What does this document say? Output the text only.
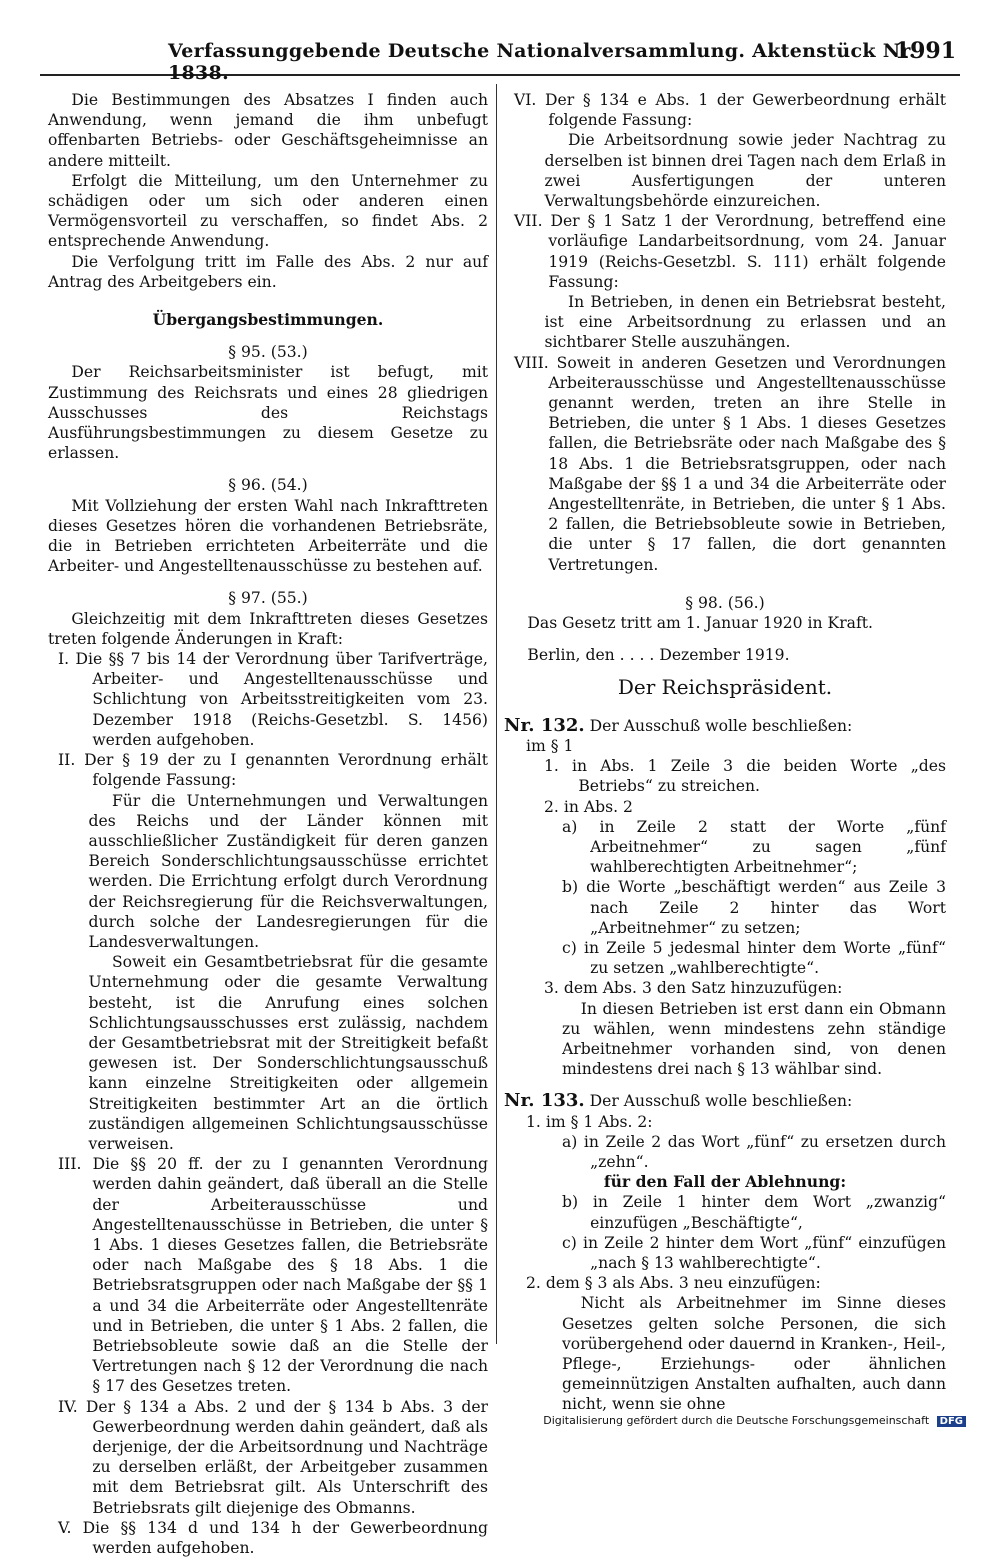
Verfassunggebende Deutsche Nationalversammlung. Aktenstück Nr. 1838.
1991

Die Bestimmungen des Absatzes I finden auch Anwendung, wenn jemand die ihm unbefugt offenbarten Betriebs- oder Geschäftsgeheimnisse an andere mitteilt.

Erfolgt die Mitteilung, um den Unternehmer zu schädigen oder um sich oder anderen einen Vermögensvorteil zu verschaffen, so findet Abs. 2 entsprechende Anwendung.

Die Verfolgung tritt im Falle des Abs. 2 nur auf Antrag des Arbeitgebers ein.

Übergangsbestimmungen.

§ 95. (53.)

Der Reichsarbeitsminister ist befugt, mit Zustimmung des Reichsrats und eines 28 gliedrigen Ausschusses des Reichstags Ausführungsbestimmungen zu diesem Gesetze zu erlassen.

§ 96. (54.)

Mit Vollziehung der ersten Wahl nach Inkrafttreten dieses Gesetzes hören die vorhandenen Betriebsräte, die in Betrieben errichteten Arbeiterräte und die Arbeiter- und Angestelltenausschüsse zu bestehen auf.

§ 97. (55.)

Gleichzeitig mit dem Inkrafttreten dieses Gesetzes treten folgende Änderungen in Kraft:

I. Die §§ 7 bis 14 der Verordnung über Tarifverträge, Arbeiter- und Angestelltenausschüsse und Schlichtung von Arbeitsstreitigkeiten vom 23. Dezember 1918 (Reichs-Gesetzbl. S. 1456) werden aufgehoben.

II. Der § 19 der zu I genannten Verordnung erhält folgende Fassung:

Für die Unternehmungen und Verwaltungen des Reichs und der Länder können mit ausschließlicher Zuständigkeit für deren ganzen Bereich Sonderschlichtungsausschüsse errichtet werden. Die Errichtung erfolgt durch Verordnung der Reichsregierung für die Reichsverwaltungen, durch solche der Landesregierungen für die Landesverwaltungen.

Soweit ein Gesamtbetriebsrat für die gesamte Unternehmung oder die gesamte Verwaltung besteht, ist die Anrufung eines solchen Schlichtungsausschusses erst zulässig, nachdem der Gesamtbetriebsrat mit der Streitigkeit befaßt gewesen ist. Der Sonderschlichtungsausschuß kann einzelne Streitigkeiten oder allgemein Streitigkeiten bestimmter Art an die örtlich zuständigen allgemeinen Schlichtungsausschüsse verweisen.

III. Die §§ 20 ff. der zu I genannten Verordnung werden dahin geändert, daß überall an die Stelle der Arbeiterausschüsse und Angestelltenausschüsse in Betrieben, die unter § 1 Abs. 1 dieses Gesetzes fallen, die Betriebsräte oder nach Maßgabe des § 18 Abs. 1 die Betriebsratsgruppen oder nach Maßgabe der §§ 1 a und 34 die Arbeiterräte oder Angestelltenräte und in Betrieben, die unter § 1 Abs. 2 fallen, die Betriebsobleute sowie daß an die Stelle der Vertretungen nach § 12 der Verordnung die nach § 17 des Gesetzes treten.

IV. Der § 134 a Abs. 2 und der § 134 b Abs. 3 der Gewerbeordnung werden dahin geändert, daß als derjenige, der die Arbeitsordnung und Nachträge zu derselben erläßt, der Arbeitgeber zusammen mit dem Betriebsrat gilt. Als Unterschrift des Betriebsrats gilt diejenige des Obmanns.

V. Die §§ 134 d und 134 h der Gewerbeordnung werden aufgehoben.

VI. Der § 134 e Abs. 1 der Gewerbeordnung erhält folgende Fassung:

Die Arbeitsordnung sowie jeder Nachtrag zu derselben ist binnen drei Tagen nach dem Erlaß in zwei Ausfertigungen der unteren Verwaltungsbehörde einzureichen.

VII. Der § 1 Satz 1 der Verordnung, betreffend eine vorläufige Landarbeitsordnung, vom 24. Januar 1919 (Reichs-Gesetzbl. S. 111) erhält folgende Fassung:

In Betrieben, in denen ein Betriebsrat besteht, ist eine Arbeitsordnung zu erlassen und an sichtbarer Stelle auszuhängen.

VIII. Soweit in anderen Gesetzen und Verordnungen Arbeiterausschüsse und Angestelltenausschüsse genannt werden, treten an ihre Stelle in Betrieben, die unter § 1 Abs. 1 dieses Gesetzes fallen, die Betriebsräte oder nach Maßgabe des § 18 Abs. 1 die Betriebsratsgruppen, oder nach Maßgabe der §§ 1 a und 34 die Arbeiterräte oder Angestelltenräte, in Betrieben, die unter § 1 Abs. 2 fallen, die Betriebsobleute sowie in Betrieben, die unter § 17 fallen, die dort genannten Vertretungen.

§ 98. (56.)

Das Gesetz tritt am 1. Januar 1920 in Kraft.

Berlin, den . . . . Dezember 1919.

Der Reichspräsident.

Nr. 132. Der Ausschuß wolle beschließen:

im § 1

1. in Abs. 1 Zeile 3 die beiden Worte „des Betriebs“ zu streichen.

2. in Abs. 2

a) in Zeile 2 statt der Worte „fünf Arbeitnehmer“ zu sagen „fünf wahlberechtigten Arbeitnehmer“;

b) die Worte „beschäftigt werden“ aus Zeile 3 nach Zeile 2 hinter das Wort „Arbeitnehmer“ zu setzen;

c) in Zeile 5 jedesmal hinter dem Worte „fünf“ zu setzen „wahlberechtigte“.

3. dem Abs. 3 den Satz hinzuzufügen:

In diesen Betrieben ist erst dann ein Obmann zu wählen, wenn mindestens zehn ständige Arbeitnehmer vorhanden sind, von denen mindestens drei nach § 13 wählbar sind.

Nr. 133. Der Ausschuß wolle beschließen:

1. im § 1 Abs. 2:

a) in Zeile 2 das Wort „fünf“ zu ersetzen durch „zehn“.

für den Fall der Ablehnung:

b) in Zeile 1 hinter dem Wort „zwanzig“ einzufügen „Beschäftigte“,

c) in Zeile 2 hinter dem Wort „fünf“ einzufügen „nach § 13 wahlberechtigte“.

2. dem § 3 als Abs. 3 neu einzufügen:

Nicht als Arbeitnehmer im Sinne dieses Gesetzes gelten solche Personen, die sich vorübergehend oder dauernd in Kranken-, Heil-, Pflege-, Erziehungs- oder ähnlichen gemeinnützigen Anstalten aufhalten, auch dann nicht, wenn sie ohne

Digitalisierung gefördert durch die Deutsche Forschungsgemeinschaft DFG
